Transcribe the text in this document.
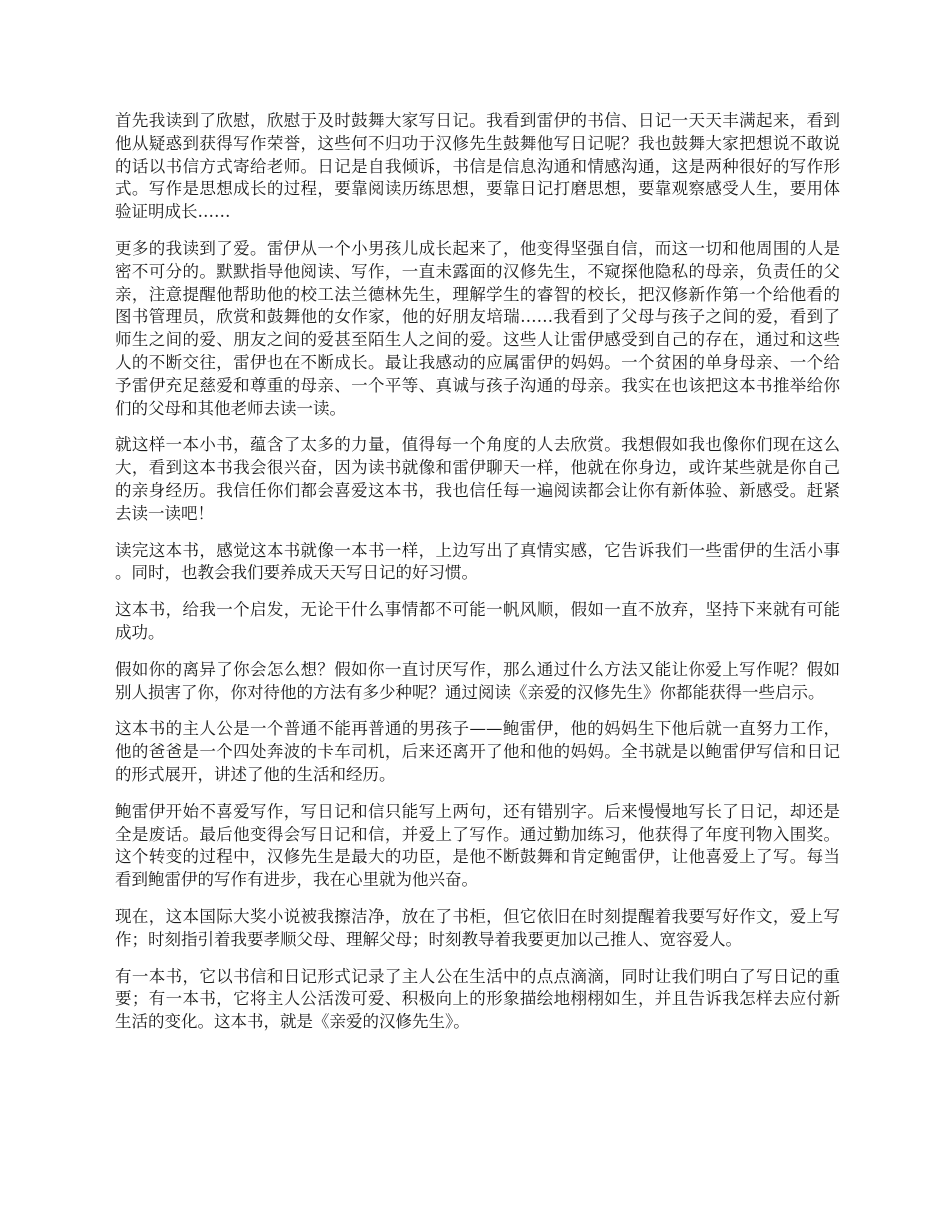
首先我读到了欣慰，欣慰于及时鼓舞大家写日记。我看到雷伊的书信、日记一天天丰满起来，看到他从疑惑到获得写作荣誉，这些何不归功于汉修先生鼓舞他写日记呢？我也鼓舞大家把想说不敢说的话以书信方式寄给老师。日记是自我倾诉，书信是信息沟通和情感沟通，这是两种很好的写作形式。写作是思想成长的过程，要靠阅读历练思想，要靠日记打磨思想，要靠观察感受人生，要用体验证明成长……

更多的我读到了爱。雷伊从一个小男孩儿成长起来了，他变得坚强自信，而这一切和他周围的人是密不可分的。默默指导他阅读、写作，一直未露面的汉修先生，不窥探他隐私的母亲，负责任的父亲，注意提醒他帮助他的校工法兰德林先生，理解学生的睿智的校长，把汉修新作第一个给他看的图书管理员，欣赏和鼓舞他的女作家，他的好朋友培瑞……我看到了父母与孩子之间的爱，看到了师生之间的爱、朋友之间的爱甚至陌生人之间的爱。这些人让雷伊感受到自己的存在，通过和这些人的不断交往，雷伊也在不断成长。最让我感动的应属雷伊的妈妈。一个贫困的单身母亲、一个给予雷伊充足慈爱和尊重的母亲、一个平等、真诚与孩子沟通的母亲。我实在也该把这本书推举给你们的父母和其他老师去读一读。

就这样一本小书，蕴含了太多的力量，值得每一个角度的人去欣赏。我想假如我也像你们现在这么大，看到这本书我会很兴奋，因为读书就像和雷伊聊天一样，他就在你身边，或许某些就是你自己的亲身经历。我信任你们都会喜爱这本书，我也信任每一遍阅读都会让你有新体验、新感受。赶紧去读一读吧！

读完这本书，感觉这本书就像一本书一样，上边写出了真情实感，它告诉我们一些雷伊的生活小事。同时，也教会我们要养成天天写日记的好习惯。

这本书，给我一个启发，无论干什么事情都不可能一帆风顺，假如一直不放弃，坚持下来就有可能成功。

假如你的离异了你会怎么想？假如你一直讨厌写作，那么通过什么方法又能让你爱上写作呢？假如别人损害了你，你对待他的方法有多少种呢？通过阅读《亲爱的汉修先生》你都能获得一些启示。

这本书的主人公是一个普通不能再普通的男孩子——鲍雷伊，他的妈妈生下他后就一直努力工作，他的爸爸是一个四处奔波的卡车司机，后来还离开了他和他的妈妈。全书就是以鲍雷伊写信和日记的形式展开，讲述了他的生活和经历。

鲍雷伊开始不喜爱写作，写日记和信只能写上两句，还有错别字。后来慢慢地写长了日记，却还是全是废话。最后他变得会写日记和信，并爱上了写作。通过勤加练习，他获得了年度刊物入围奖。这个转变的过程中，汉修先生是最大的功臣，是他不断鼓舞和肯定鲍雷伊，让他喜爱上了写。每当看到鲍雷伊的写作有进步，我在心里就为他兴奋。

现在，这本国际大奖小说被我擦洁净，放在了书柜，但它依旧在时刻提醒着我要写好作文，爱上写作；时刻指引着我要孝顺父母、理解父母；时刻教导着我要更加以己推人、宽容爱人。

有一本书，它以书信和日记形式记录了主人公在生活中的点点滴滴，同时让我们明白了写日记的重要；有一本书，它将主人公活泼可爱、积极向上的形象描绘地栩栩如生，并且告诉我怎样去应付新生活的变化。这本书，就是《亲爱的汉修先生》。
